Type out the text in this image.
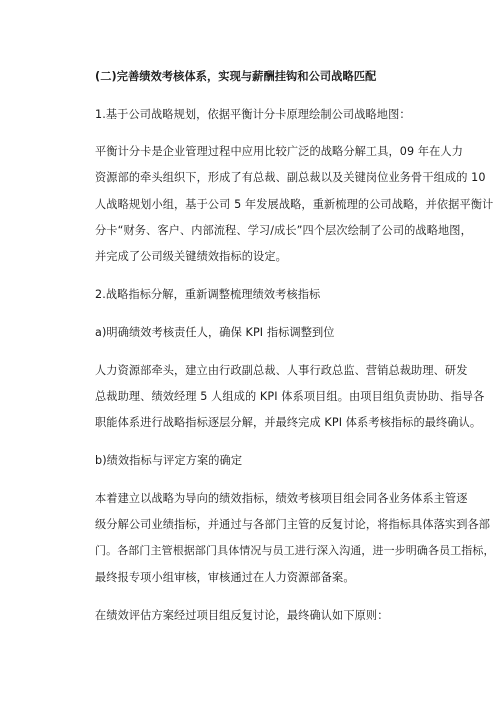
(二)完善绩效考核体系，实现与薪酬挂钩和公司战略匹配
1.基于公司战略规划，依据平衡计分卡原理绘制公司战略地图：
平衡计分卡是企业管理过程中应用比较广泛的战略分解工具，09 年在人力
资源部的牵头组织下，形成了有总裁、副总裁以及关键岗位业务骨干组成的 10
人战略规划小组，基于公司 5 年发展战略，重新梳理的公司战略，并依据平衡计
分卡“财务、客户、内部流程、学习/成长”四个层次绘制了公司的战略地图，
并完成了公司级关键绩效指标的设定。
2.战略指标分解，重新调整梳理绩效考核指标
a)明确绩效考核责任人，确保 KPI 指标调整到位
人力资源部牵头，建立由行政副总裁、人事行政总监、营销总裁助理、研发
总裁助理、绩效经理 5 人组成的 KPI 体系项目组。由项目组负责协助、指导各
职能体系进行战略指标逐层分解，并最终完成 KPI 体系考核指标的最终确认。
b)绩效指标与评定方案的确定
本着建立以战略为导向的绩效指标，绩效考核项目组会同各业务体系主管逐
级分解公司业绩指标，并通过与各部门主管的反复讨论，将指标具体落实到各部
门。各部门主管根据部门具体情况与员工进行深入沟通，进一步明确各员工指标，
最终报专项小组审核，审核通过在人力资源部备案。
在绩效评估方案经过项目组反复讨论，最终确认如下原则：
